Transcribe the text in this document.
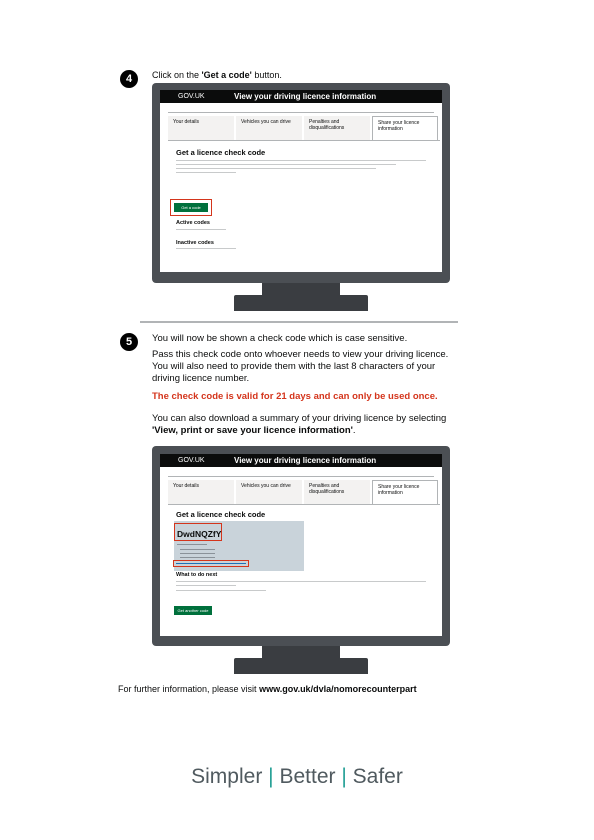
4	Click on the 'Get a code' button.
GOV.UK	View your driving licence information
Your details	Vehicles you can drive	Penalties and disqualifications
Share your licence information
Get a licence check code
Get a code
Active codes
Inactive codes
5	You will now be shown a check code which is case sensitive.
Pass this check code onto whoever needs to view your driving licence. You will also need to provide them with the last 8 characters of your driving licence number.
The check code is valid for 21 days and can only be used once.
You can also download a summary of your driving licence by selecting 'View, print or save your licence information'.
GOV.UK	View your driving licence information
Your details	Vehicles you can drive	Penalties and disqualifications
Share your licence information
Get a licence check code
DwdNQZfY
What to do next
Get another code
For further information, please visit www.gov.uk/dvla/nomorecounterpart
Simpler | Better | Safer
